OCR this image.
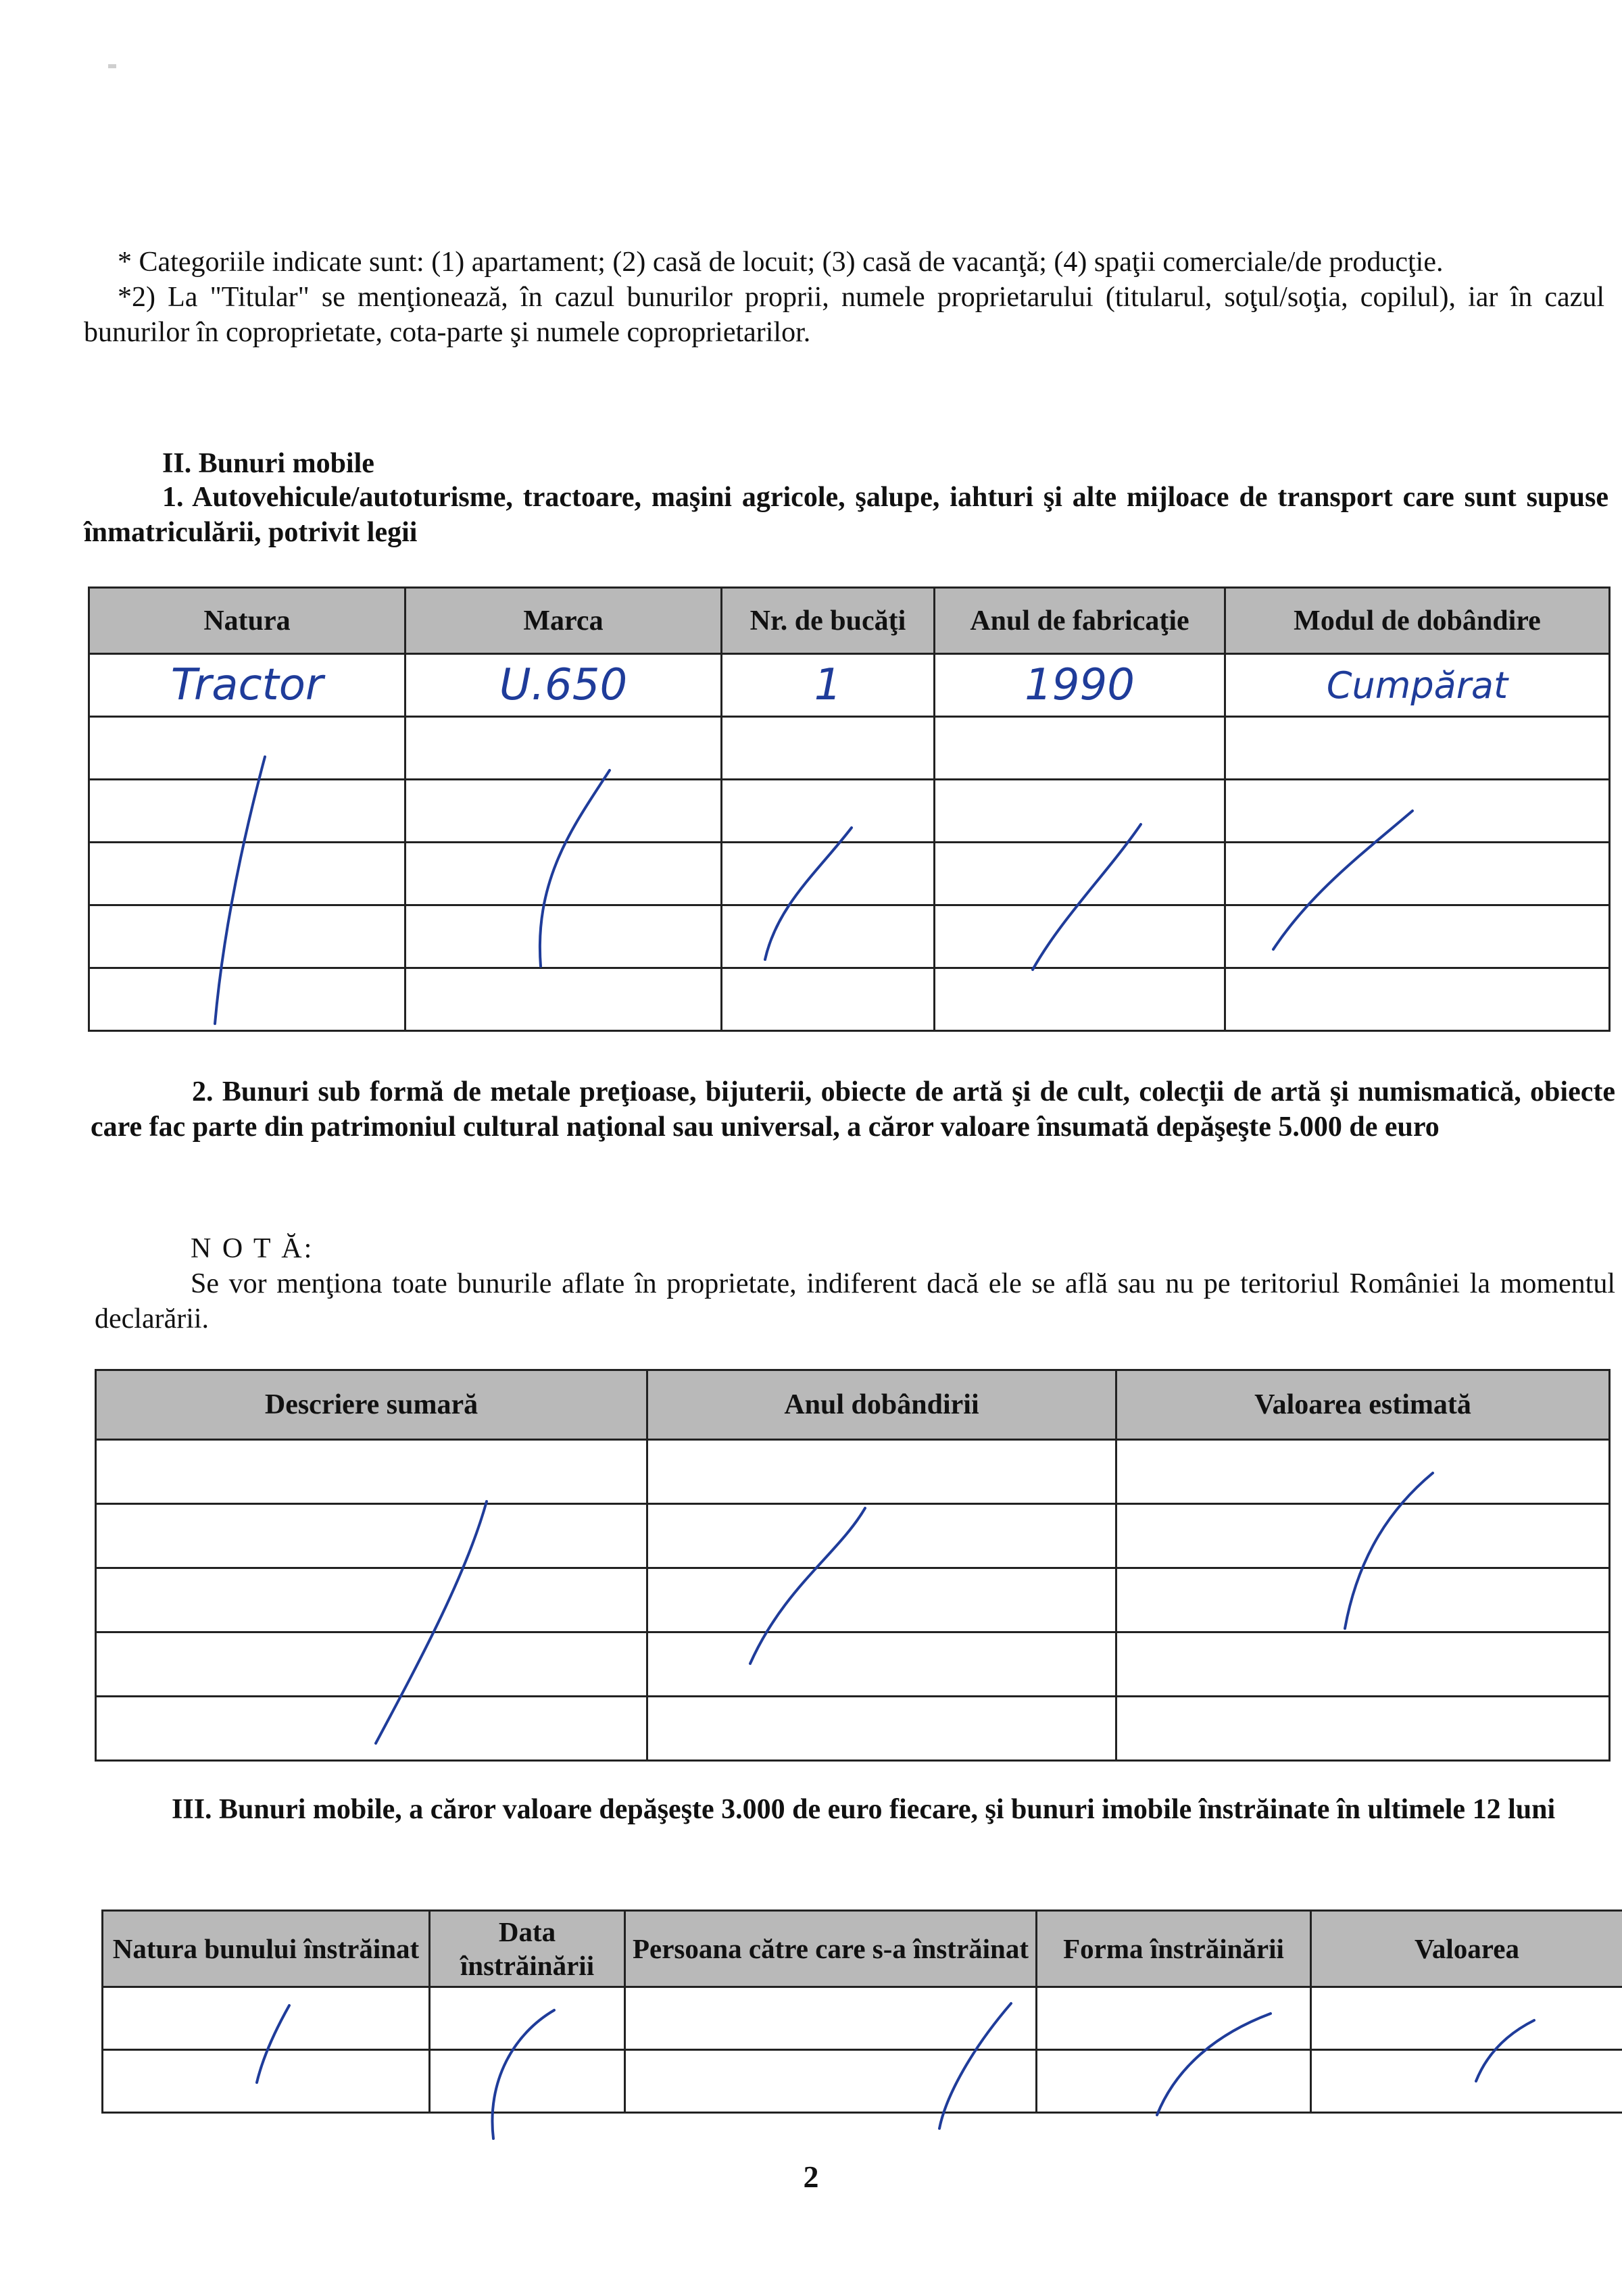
* Categoriile indicate sunt: (1) apartament; (2) casă de locuit; (3) casă de vacanţă; (4) spaţii comerciale/de producţie.

*2) La "Titular" se menţionează, în cazul bunurilor proprii, numele proprietarului (titularul, soţul/soţia, copilul), iar în cazul bunurilor în coproprietate, cota-parte şi numele coproprietarilor.

II. Bunuri mobile
1. Autovehicule/autoturisme, tractoare, maşini agricole, şalupe, iahturi şi alte mijloace de transport care sunt supuse înmatriculării, potrivit legii
Natura	Marca	Nr. de bucăţi	Anul de fabricaţie	Modul de dobândire
Tractor	U.650	1	1990	Cumpărat

2. Bunuri sub formă de metale preţioase, bijuterii, obiecte de artă şi de cult, colecţii de artă şi numismatică, obiecte care fac parte din patrimoniul cultural naţional sau universal, a căror valoare însumată depăşeşte 5.000 de euro
N O T Ă:
Se vor menţiona toate bunurile aflate în proprietate, indiferent dacă ele se află sau nu pe teritoriul României la momentul declarării.
Descriere sumară	Anul dobândirii	Valoarea estimată

III. Bunuri mobile, a căror valoare depăşeşte 3.000 de euro fiecare, şi bunuri imobile înstrăinate în ultimele 12 luni
Natura bunului înstrăinat	Data înstrăinării	Persoana către care s-a înstrăinat	Forma înstrăinării	Valoarea

2
